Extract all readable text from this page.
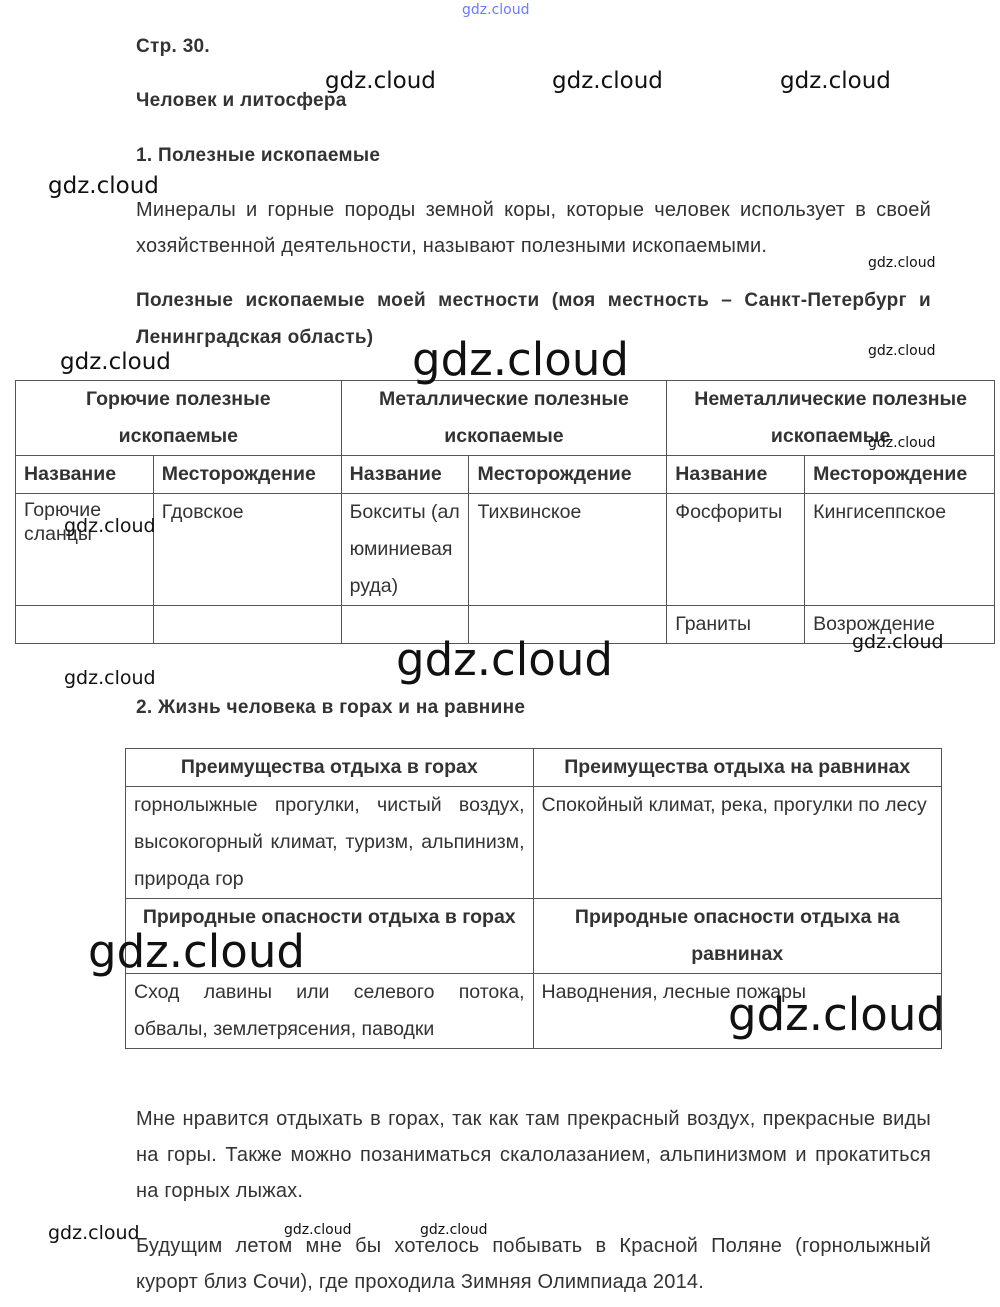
Стр. 30.
Человек и литосфера
1. Полезные ископаемые
Минералы и горные породы земной коры, которые человек использует в своей хозяйственной деятельности, называют полезными ископаемыми.
Полезные ископаемые моей местности (моя местность – Санкт-Петербург и Ленинградская область)
Горючие полезные ископаемые		Металлические полезные ископаемые		Неметаллические полезные ископаемые	
Название	Месторождение	Название	Месторождение	Название	Месторождение
Горючие сланцы	Гдовское	Бокситы (алюминиевая руда)	Тихвинское	Фосфориты	Кингисеппское
				Граниты	Возрождение
2. Жизнь человека в горах и на равнине
Преимущества отдыха в горах	Преимущества отдыха на равнинах
горнолыжные прогулки, чистый воздух, высокогорный климат, туризм, альпинизм, природа гор	Спокойный климат, река, прогулки по лесу
Природные опасности отдыха в горах	Природные опасности отдыха на равнинах
Сход лавины или селевого потока, обвалы, землетрясения, паводки	Наводнения, лесные пожары
Мне нравится отдыхать в горах, так как там прекрасный воздух, прекрасные виды на горы. Также можно позаниматься скалолазанием, альпинизмом и прокатиться на горных лыжах.
Будущим летом мне бы хотелось побывать в Красной Поляне (горнолыжный курорт близ Сочи), где проходила Зимняя Олимпиада 2014.
gdz.cloud
gdz.cloud	gdz.cloud	gdz.cloud
gdz.cloud
gdz.cloud
gdz.cloud
gdz.cloud	gdz.cloud
gdz.cloud
gdz.cloud
gdz.cloud
gdz.cloud
gdz.cloud
gdz.cloud
gdz.cloud
gdz.cloud	gdz.cloud	gdz.cloud
